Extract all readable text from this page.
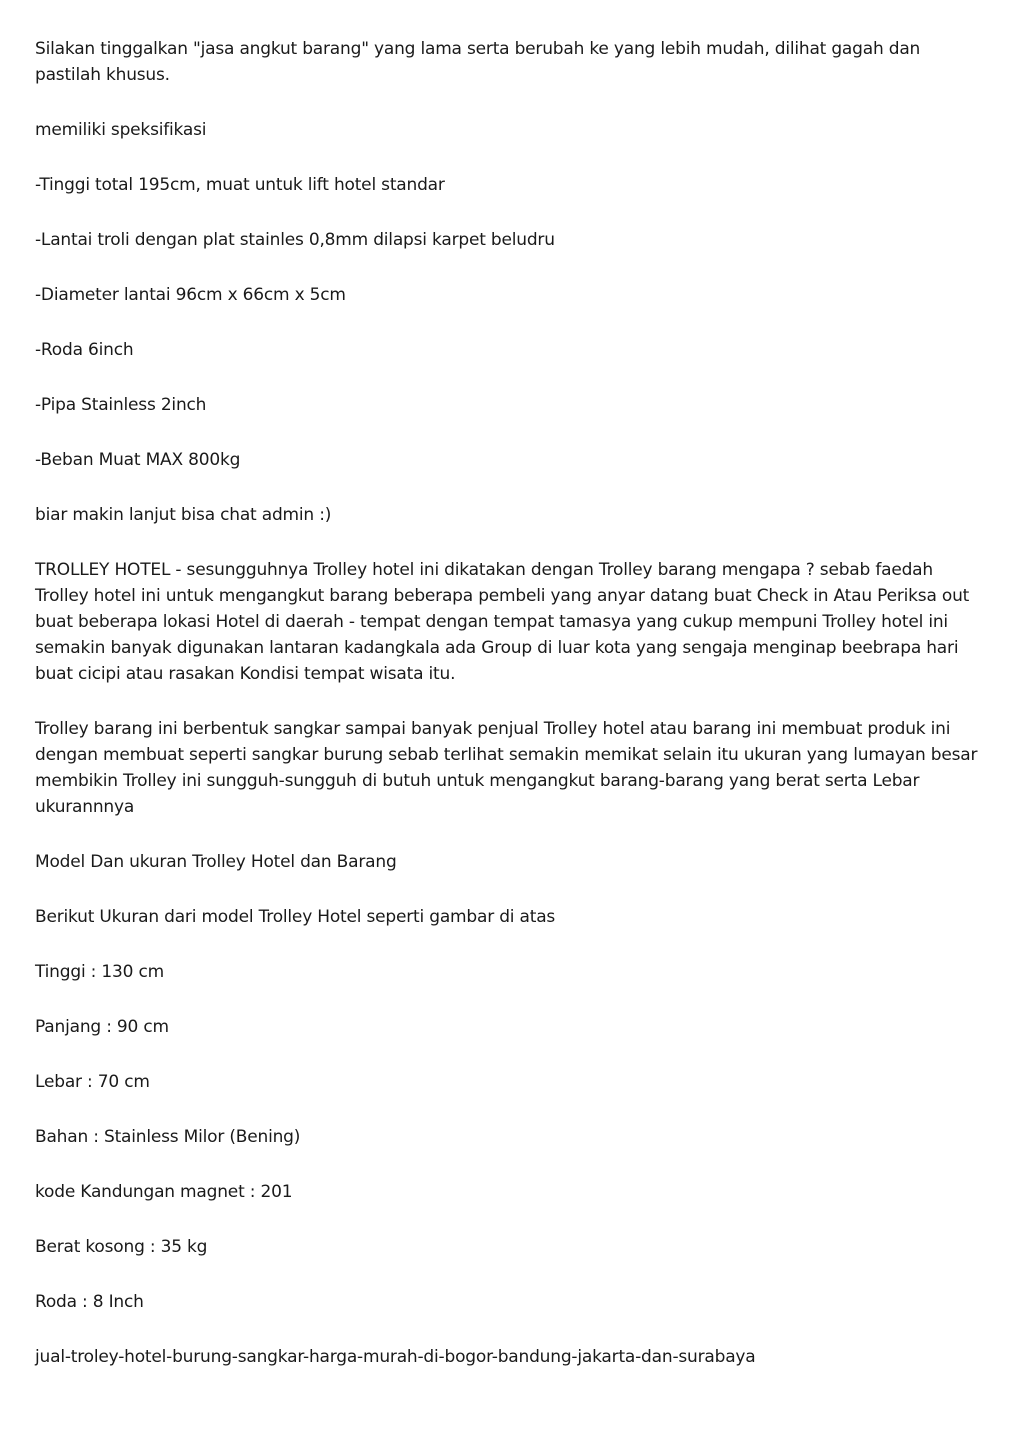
Silakan tinggalkan "jasa angkut barang" yang lama serta berubah ke yang lebih mudah, dilihat gagah dan pastilah khusus.

memiliki speksifikasi

-Tinggi total 195cm, muat untuk lift hotel standar

-Lantai troli dengan plat stainles 0,8mm dilapsi karpet beludru

-Diameter lantai 96cm x 66cm x 5cm

-Roda 6inch

-Pipa Stainless 2inch

-Beban Muat MAX 800kg

biar makin lanjut bisa chat admin :)

TROLLEY HOTEL - sesungguhnya Trolley hotel ini dikatakan dengan Trolley barang mengapa ? sebab faedah Trolley hotel ini untuk mengangkut barang beberapa pembeli yang anyar datang buat Check in Atau Periksa out buat beberapa lokasi Hotel di daerah - tempat dengan tempat tamasya yang cukup mempuni Trolley hotel ini semakin banyak digunakan lantaran kadangkala ada Group di luar kota yang sengaja menginap beebrapa hari buat cicipi atau rasakan Kondisi tempat wisata itu.

Trolley barang ini berbentuk sangkar sampai banyak penjual Trolley hotel atau barang ini membuat produk ini dengan membuat seperti sangkar burung sebab terlihat semakin memikat selain itu ukuran yang lumayan besar membikin Trolley ini sungguh-sungguh di butuh untuk mengangkut barang-barang yang berat serta Lebar ukurannnya

Model Dan ukuran Trolley Hotel dan Barang

Berikut Ukuran dari model Trolley Hotel seperti gambar di atas

Tinggi : 130 cm

Panjang : 90 cm

Lebar : 70 cm

Bahan : Stainless Milor (Bening)

kode Kandungan magnet : 201

Berat kosong : 35 kg

Roda : 8 Inch

jual-troley-hotel-burung-sangkar-harga-murah-di-bogor-bandung-jakarta-dan-surabaya
